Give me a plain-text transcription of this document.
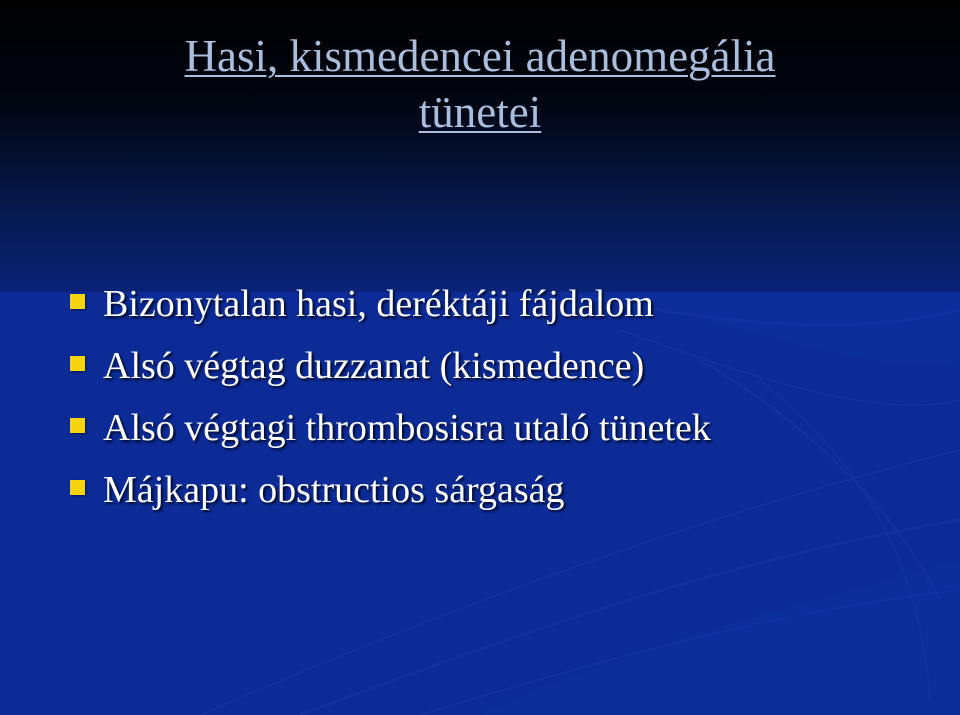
Hasi, kismedencei adenomegália
tünetei
Bizonytalan hasi, deréktáji fájdalom
Alsó végtag duzzanat (kismedence)
Alsó végtagi thrombosisra utaló tünetek
Májkapu: obstructios sárgaság
